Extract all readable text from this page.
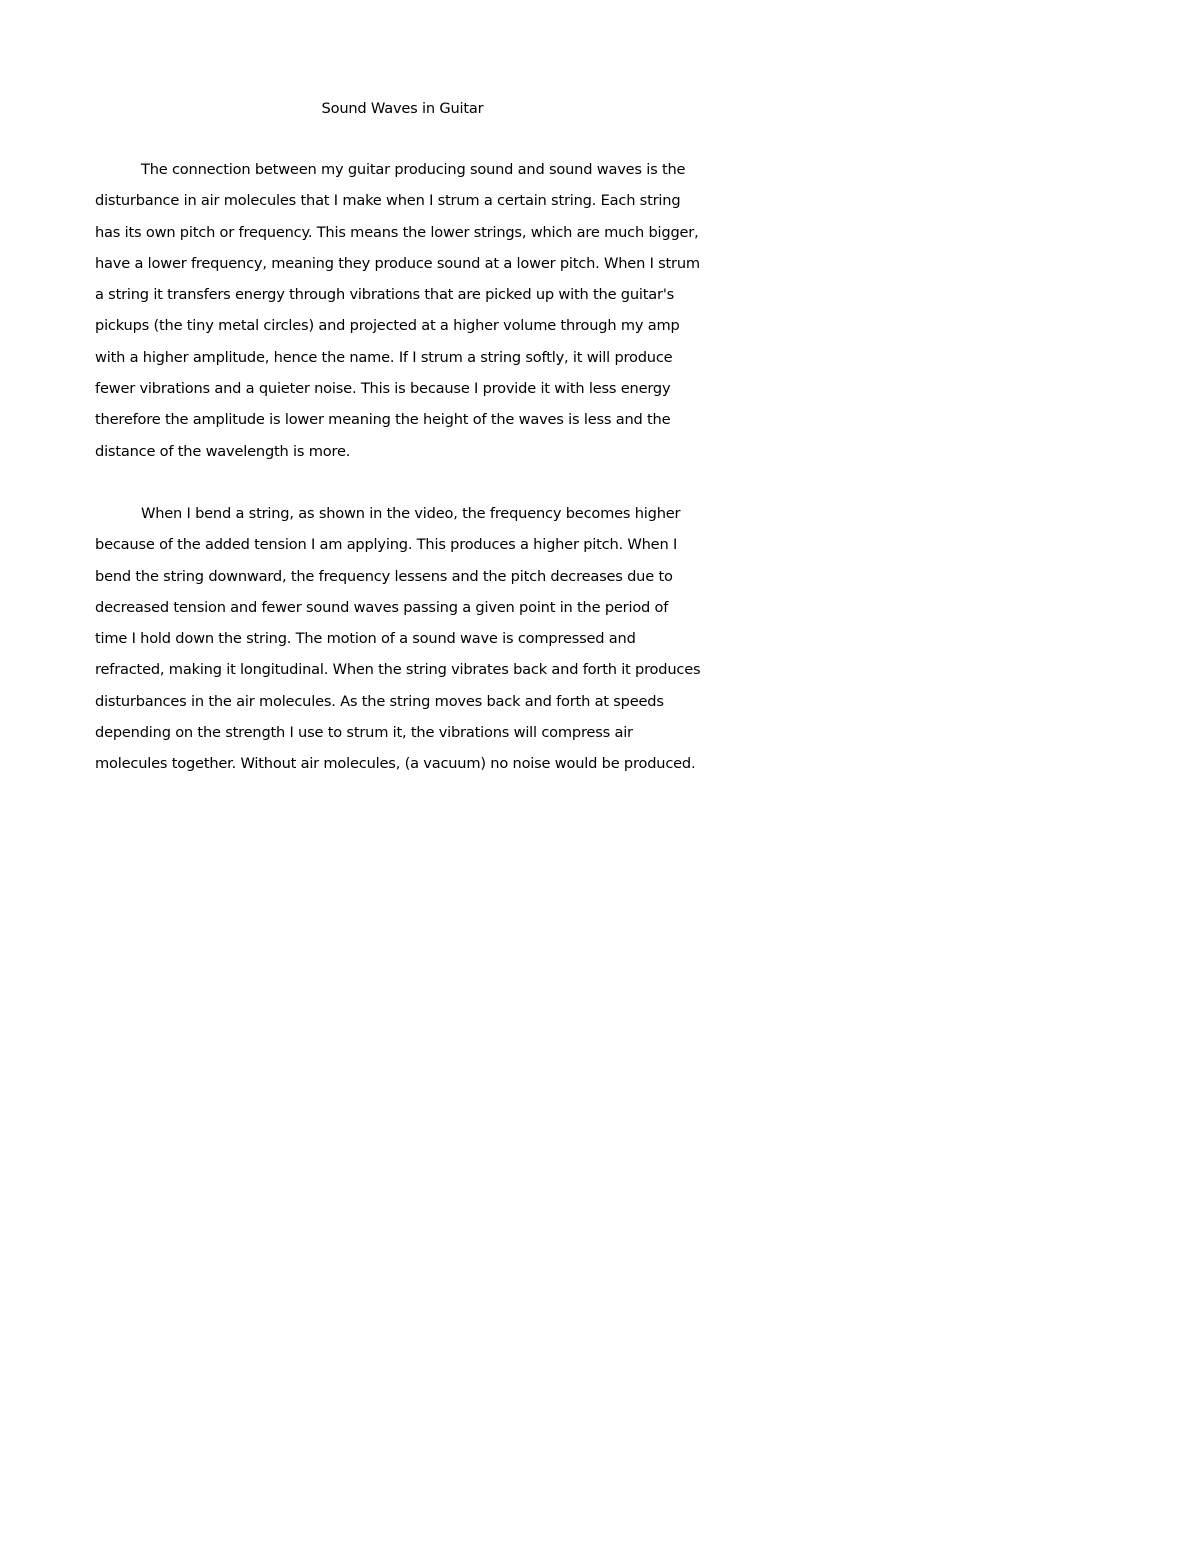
Sound Waves in Guitar

The connection between my guitar producing sound and sound waves is the
disturbance in air molecules that I make when I strum a certain string. Each string
has its own pitch or frequency. This means the lower strings, which are much bigger,
have a lower frequency, meaning they produce sound at a lower pitch. When I strum
a string it transfers energy through vibrations that are picked up with the guitar's
pickups (the tiny metal circles) and projected at a higher volume through my amp
with a higher amplitude, hence the name. If I strum a string softly, it will produce
fewer vibrations and a quieter noise. This is because I provide it with less energy
therefore the amplitude is lower meaning the height of the waves is less and the
distance of the wavelength is more.

When I bend a string, as shown in the video, the frequency becomes higher
because of the added tension I am applying. This produces a higher pitch. When I
bend the string downward, the frequency lessens and the pitch decreases due to
decreased tension and fewer sound waves passing a given point in the period of
time I hold down the string. The motion of a sound wave is compressed and
refracted, making it longitudinal. When the string vibrates back and forth it produces
disturbances in the air molecules. As the string moves back and forth at speeds
depending on the strength I use to strum it, the vibrations will compress air
molecules together. Without air molecules, (a vacuum) no noise would be produced.
